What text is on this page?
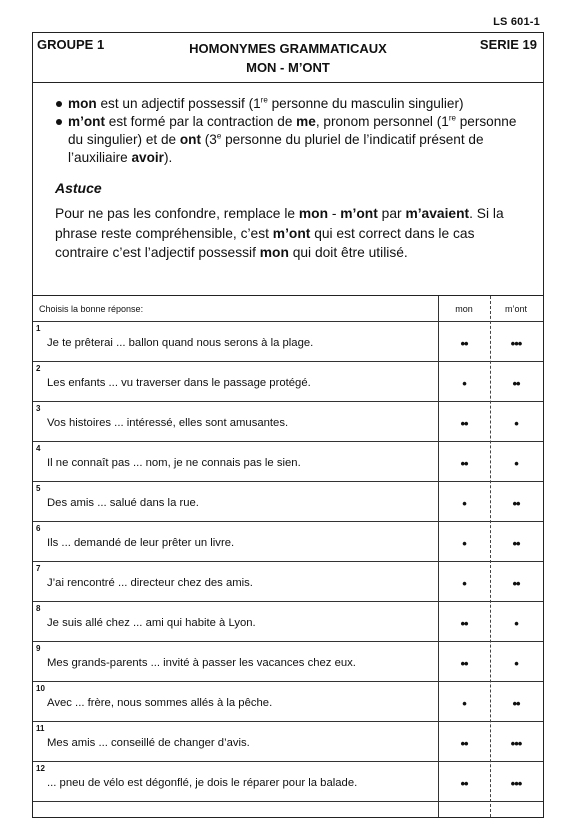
LS 601-1
GROUPE 1	HOMONYMES GRAMMATICAUX
MON - M’ONT
SERIE 19
mon est un adjectif possessif (1re personne du masculin singulier)
m’ont est formé par la contraction de me, pronom personnel (1re personne du singulier) et de ont (3e personne du pluriel de l’indicatif présent de l’auxiliaire avoir).
Astuce

Pour ne pas les confondre, remplace le mon - m’ont par m’avaient. Si la phrase reste compréhensible, c’est m’ont qui est correct dans le cas contraire c’est l’adjectif possessif mon qui doit être utilisé.

Choisis la bonne réponse:	mon	m’ont
1
Je te prêterai ... ballon quand nous serons à la plage.	••	•••
2
Les enfants ... vu traverser dans le passage protégé.	•	••
3
Vos histoires ... intéressé, elles sont amusantes.	••	•
4
Il ne connaît pas ... nom, je ne connais pas le sien.	••	•
5
Des amis ... salué dans la rue.	•	••
6
Ils ... demandé de leur prêter un livre.	•	••
7
J’ai rencontré ... directeur chez des amis.	•	••
8
Je suis allé chez ... ami qui habite à Lyon.	••	•
9
Mes grands-parents ... invité à passer les vacances chez eux.	••	•
10
Avec ... frère, nous sommes allés à la pêche.	•	••
11
Mes amis ... conseillé de changer d’avis.	••	•••
12
... pneu de vélo est dégonflé, je dois le réparer pour la balade.	••	•••
